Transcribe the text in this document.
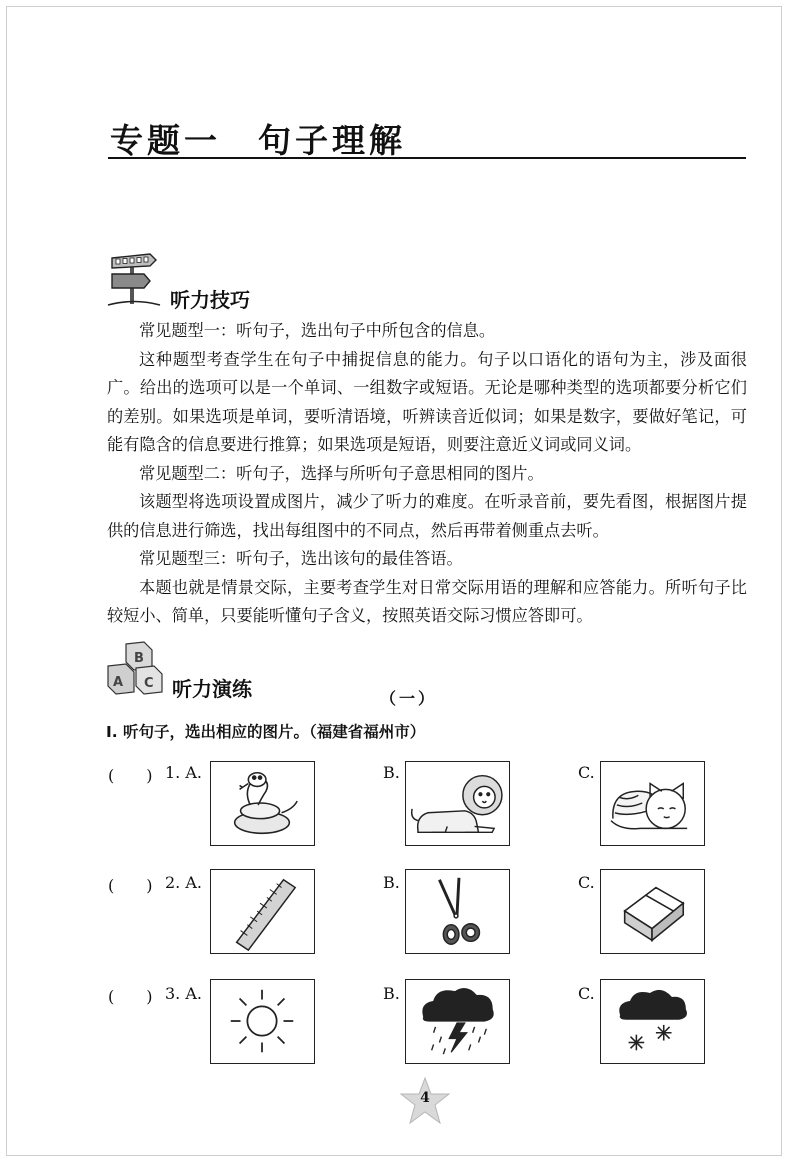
专题一　句子理解
听力技巧

常见题型一：听句子，选出句子中所包含的信息。

这种题型考查学生在句子中捕捉信息的能力。句子以口语化的语句为主，涉及面很广。给出的选项可以是一个单词、一组数字或短语。无论是哪种类型的选项都要分析它们的差别。如果选项是单词，要听清语境，听辨读音近似词；如果是数字，要做好笔记，可能有隐含的信息要进行推算；如果选项是短语，则要注意近义词或同义词。

常见题型二：听句子，选择与所听句子意思相同的图片。

该题型将选项设置成图片，减少了听力的难度。在听录音前，要先看图，根据图片提供的信息进行筛选，找出每组图中的不同点，然后再带着侧重点去听。

常见题型三：听句子，选出该句的最佳答语。

本题也就是情景交际，主要考查学生对日常交际用语的理解和应答能力。所听句子比较短小、简单，只要能听懂句子含义，按照英语交际习惯应答即可。

B
A C 听力演练	（一）
I. 听句子，选出相应的图片。（福建省福州市）
(　　) 1. A.	B.	C.
(　　) 2. A.	B.	C.
(　　) 3. A.	B.	C.
4
